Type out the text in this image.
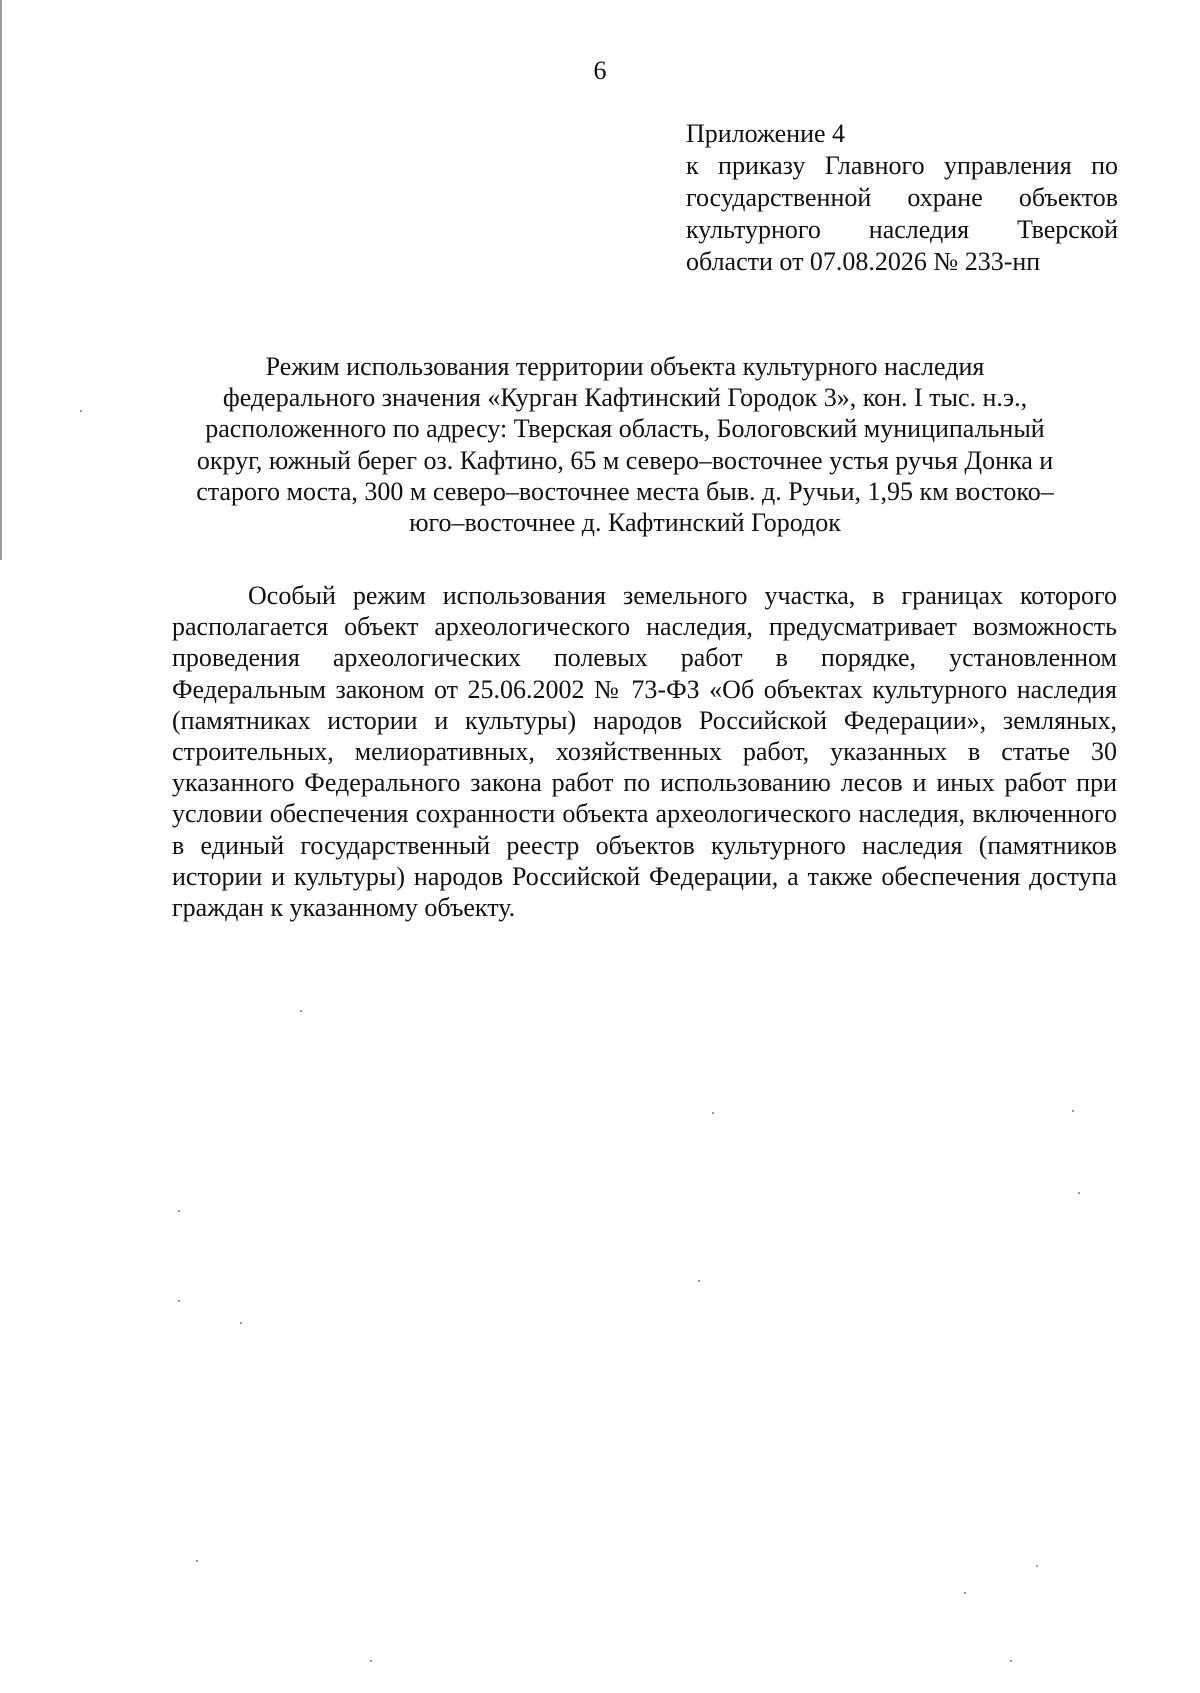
6
Приложение 4
к приказу Главного управления по государственной охране объектов культурного наследия Тверской области от 07.08.2026 № 233-нп
Режим использования территории объекта культурного наследия
федерального значения «Курган Кафтинский Городок 3», кон. I тыс. н.э.,
расположенного по адресу: Тверская область, Бологовский муниципальный
округ, южный берег оз. Кафтино, 65 м северо–восточнее устья ручья Донка и
старого моста, 300 м северо–восточнее места быв. д. Ручьи, 1,95 км востоко–
юго–восточнее д. Кафтинский Городок

Особый режим использования земельного участка, в границах которого располагается объект археологического наследия, предусматривает возможность проведения археологических полевых работ в порядке, установленном Федеральным законом от 25.06.2002 № 73-ФЗ «Об объектах культурного наследия (памятниках истории и культуры) народов Российской Федерации», земляных, строительных, мелиоративных, хозяйственных работ, указанных в статье 30 указанного Федерального закона работ по использованию лесов и иных работ при условии обеспечения сохранности объекта археологического наследия, включенного в единый государственный реестр объектов культурного наследия (памятников истории и культуры) народов Российской Федерации, а также обеспечения доступа граждан к указанному объекту.
